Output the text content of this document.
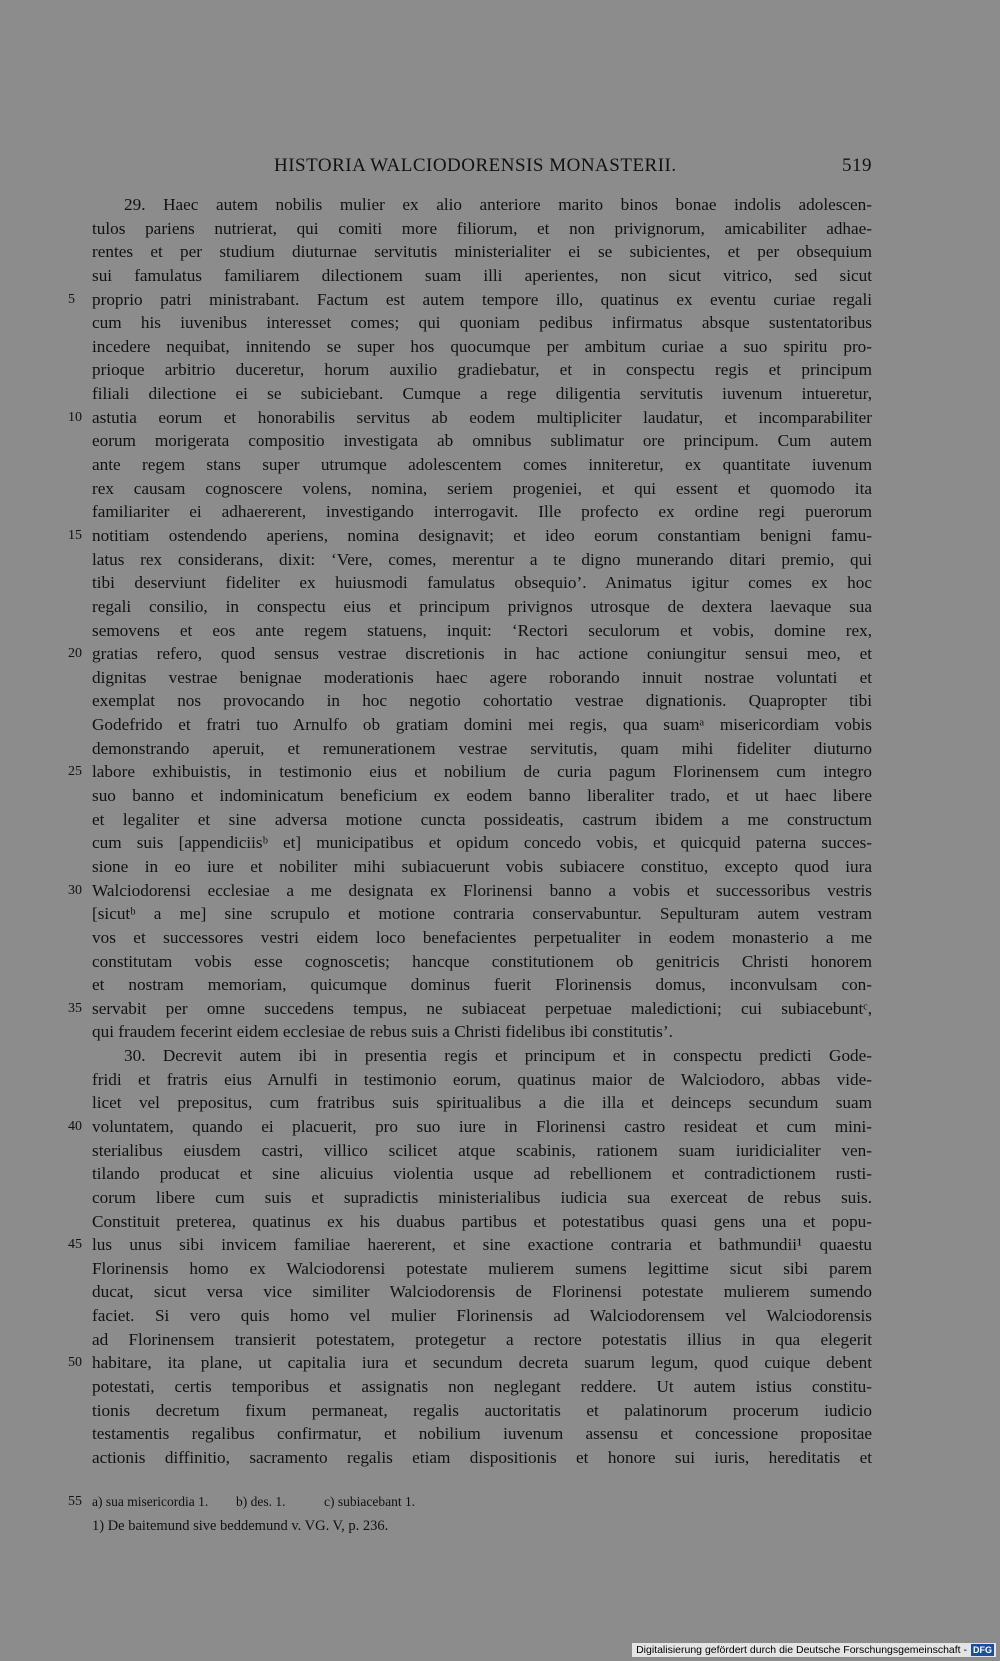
HISTORIA WALCIODORENSIS MONASTERII.	519
29. Haec autem nobilis mulier ex alio anteriore marito binos bonae indolis adolescen-
tulos pariens nutrierat, qui comiti more filiorum, et non privignorum, amicabiliter adhae-
rentes et per studium diuturnae servitutis ministerialiter ei se subicientes, et per obsequium
sui famulatus familiarem dilectionem suam illi aperientes, non sicut vitrico, sed sicut
5 proprio patri ministrabant. Factum est autem tempore illo, quatinus ex eventu curiae regali
cum his iuvenibus interesset comes; qui quoniam pedibus infirmatus absque sustentatoribus
incedere nequibat, innitendo se super hos quocumque per ambitum curiae a suo spiritu pro-
prioque arbitrio duceretur, horum auxilio gradiebatur, et in conspectu regis et principum
filiali dilectione ei se subiciebant. Cumque a rege diligentia servitutis iuvenum intueretur,
10 astutia eorum et honorabilis servitus ab eodem multipliciter laudatur, et incomparabiliter
eorum morigerata compositio investigata ab omnibus sublimatur ore principum. Cum autem
ante regem stans super utrumque adolescentem comes inniteretur, ex quantitate iuvenum
rex causam cognoscere volens, nomina, seriem progeniei, et qui essent et quomodo ita
familiariter ei adhaererent, investigando interrogavit. Ille profecto ex ordine regi puerorum
15 notitiam ostendendo aperiens, nomina designavit; et ideo eorum constantiam benigni famu-
latus rex considerans, dixit: ‘Vere, comes, merentur a te digno munerando ditari premio, qui
tibi deserviunt fideliter ex huiusmodi famulatus obsequio’. Animatus igitur comes ex hoc
regali consilio, in conspectu eius et principum privignos utrosque de dextera laevaque sua
semovens et eos ante regem statuens, inquit: ‘Rectori seculorum et vobis, domine rex,
20 gratias refero, quod sensus vestrae discretionis in hac actione coniungitur sensui meo, et
dignitas vestrae benignae moderationis haec agere roborando innuit nostrae voluntati et
exemplat nos provocando in hoc negotio cohortatio vestrae dignationis. Quapropter tibi
Godefrido et fratri tuo Arnulfo ob gratiam domini mei regis, qua suamᵃ misericordiam vobis
demonstrando aperuit, et remunerationem vestrae servitutis, quam mihi fideliter diuturno
25 labore exhibuistis, in testimonio eius et nobilium de curia pagum Florinensem cum integro
suo banno et indominicatum beneficium ex eodem banno liberaliter trado, et ut haec libere
et legaliter et sine adversa motione cuncta possideatis, castrum ibidem a me constructum
cum suis [appendiciisᵇ et] municipatibus et opidum concedo vobis, et quicquid paterna succes-
sione in eo iure et nobiliter mihi subiacuerunt vobis subiacere constituo, excepto quod iura
30 Walciodorensi ecclesiae a me designata ex Florinensi banno a vobis et successoribus vestris
[sicutᵇ a me] sine scrupulo et motione contraria conservabuntur. Sepulturam autem vestram
vos et successores vestri eidem loco benefacientes perpetualiter in eodem monasterio a me
constitutam vobis esse cognoscetis; hancque constitutionem ob genitricis Christi honorem
et nostram memoriam, quicumque dominus fuerit Florinensis domus, inconvulsam con-
35 servabit per omne succedens tempus, ne subiaceat perpetuae maledictioni; cui subiacebuntᶜ,
qui fraudem fecerint eidem ecclesiae de rebus suis a Christi fidelibus ibi constitutis’.
30. Decrevit autem ibi in presentia regis et principum et in conspectu predicti Gode-
fridi et fratris eius Arnulfi in testimonio eorum, quatinus maior de Walciodoro, abbas vide-
licet vel prepositus, cum fratribus suis spiritualibus a die illa et deinceps secundum suam
40 voluntatem, quando ei placuerit, pro suo iure in Florinensi castro resideat et cum mini-
sterialibus eiusdem castri, villico scilicet atque scabinis, rationem suam iuridicialiter ven-
tilando producat et sine alicuius violentia usque ad rebellionem et contradictionem rusti-
corum libere cum suis et supradictis ministerialibus iudicia sua exerceat de rebus suis.
Constituit preterea, quatinus ex his duabus partibus et potestatibus quasi gens una et popu-
45 lus unus sibi invicem familiae haererent, et sine exactione contraria et bathmundii¹ quaestu
Florinensis homo ex Walciodorensi potestate mulierem sumens legittime sicut sibi parem
ducat, sicut versa vice similiter Walciodorensis de Florinensi potestate mulierem sumendo
faciet. Si vero quis homo vel mulier Florinensis ad Walciodorensem vel Walciodorensis
ad Florinensem transierit potestatem, protegetur a rectore potestatis illius in qua elegerit
50 habitare, ita plane, ut capitalia iura et secundum decreta suarum legum, quod cuique debent
potestati, certis temporibus et assignatis non neglegant reddere. Ut autem istius constitu-
tionis decretum fixum permaneat, regalis auctoritatis et palatinorum procerum iudicio
testamentis regalibus confirmatur, et nobilium iuvenum assensu et concessione propositae
actionis diffinitio, sacramento regalis etiam dispositionis et honore sui iuris, hereditatis et
55 a) sua misericordia 1. b) des. 1.	c) subiacebant 1.
1) De baitemund sive beddemund v. VG. V, p. 236.
Digitalisierung gefördert durch die Deutsche Forschungsgemeinschaft - DFG
